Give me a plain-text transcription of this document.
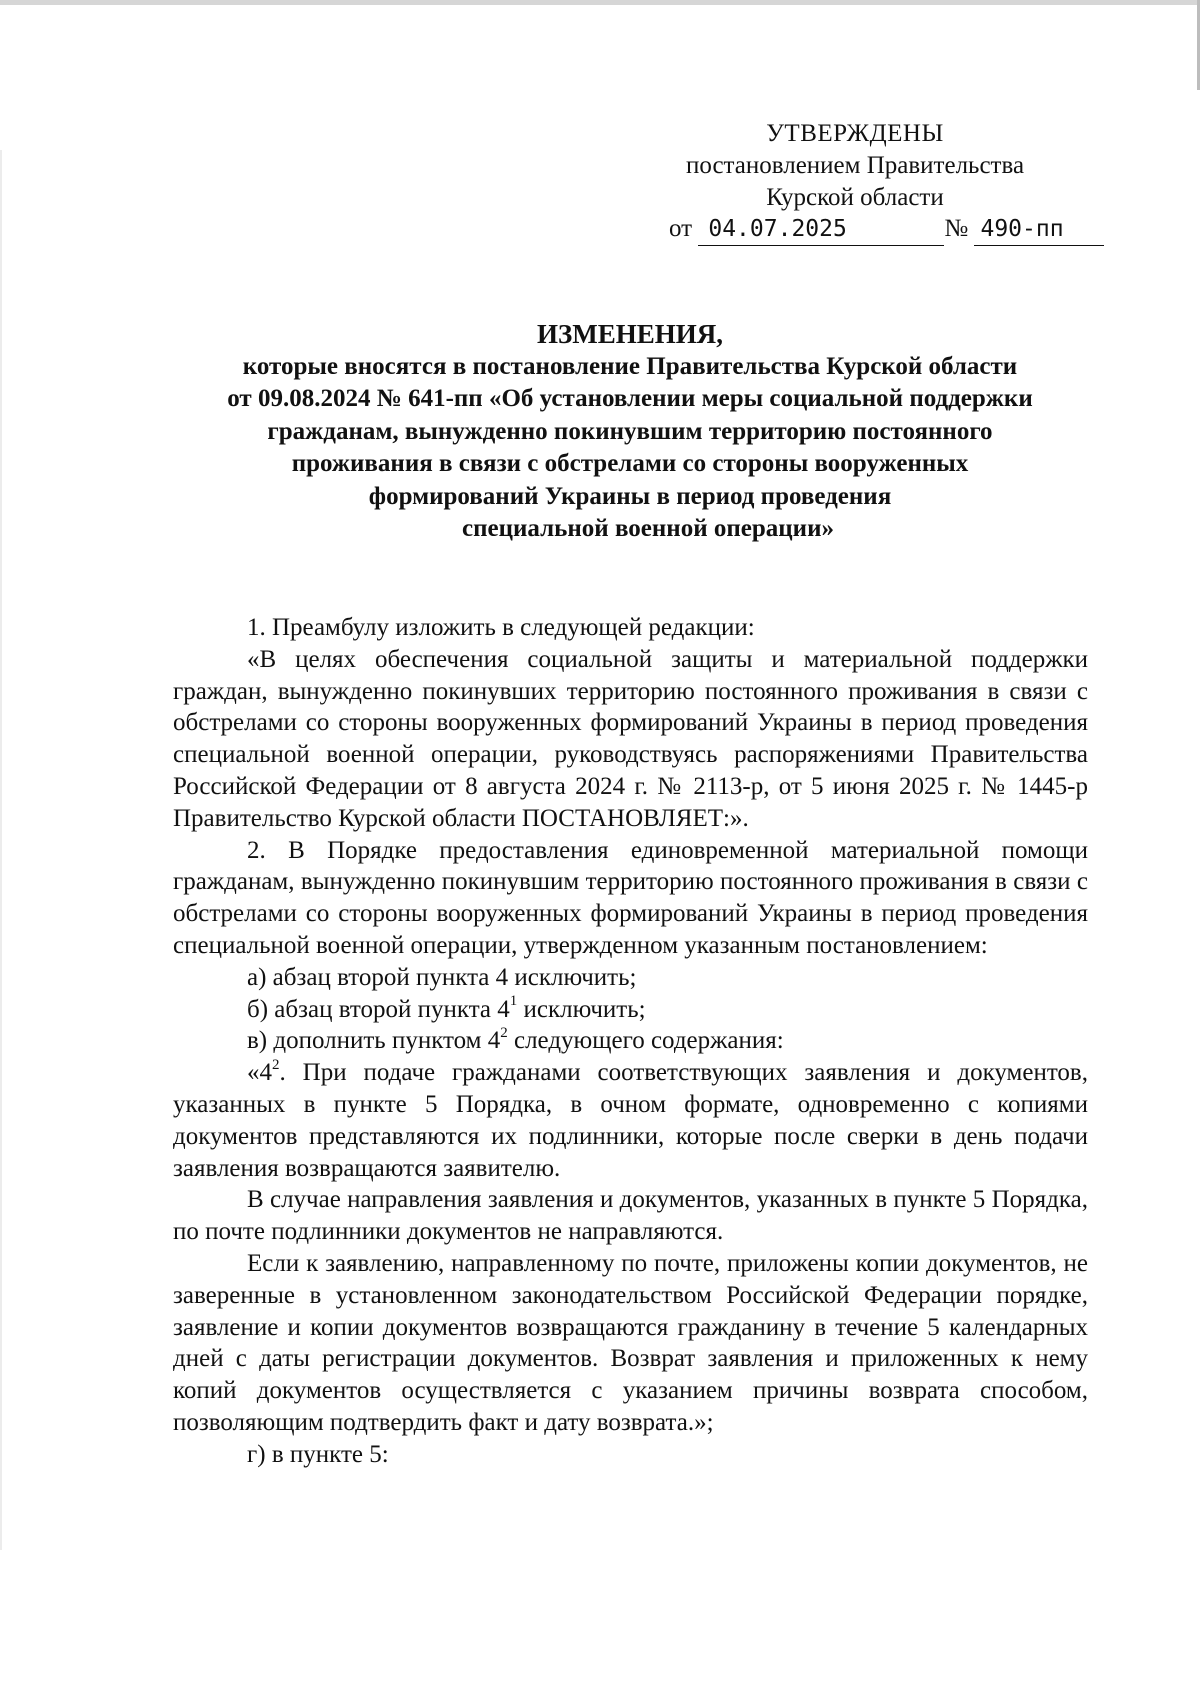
УТВЕРЖДЕНЫ
постановлением Правительства
Курской области
от 04.07.2025	№ 490-пп
ИЗМЕНЕНИЯ,
которые вносятся в постановление Правительства Курской области
от 09.08.2024 № 641-пп «Об установлении меры социальной поддержки
гражданам, вынужденно покинувшим территорию постоянного
проживания в связи с обстрелами со стороны вооруженных
формирований Украины в период проведения
специальной военной операции»

1. Преамбулу изложить в следующей редакции:

«В целях обеспечения социальной защиты и материальной поддержки граждан, вынужденно покинувших территорию постоянного проживания в связи с обстрелами со стороны вооруженных формирований Украины в период проведения специальной военной операции, руководствуясь распоряжениями Правительства Российской Федерации от 8 августа 2024 г. № 2113-р, от 5 июня 2025 г. № 1445-р Правительство Курской области ПОСТАНОВЛЯЕТ:».

2. В Порядке предоставления единовременной материальной помощи гражданам, вынужденно покинувшим территорию постоянного проживания в связи с обстрелами со стороны вооруженных формирований Украины в период проведения специальной военной операции, утвержденном указанным постановлением:

а) абзац второй пункта 4 исключить;

б) абзац второй пункта $4^1$ исключить;

в) дополнить пунктом $4^2$ следующего содержания:

«$4^2$. При подаче гражданами соответствующих заявления и документов, указанных в пункте 5 Порядка, в очном формате, одновременно с копиями документов представляются их подлинники, которые после сверки в день подачи заявления возвращаются заявителю.

В случае направления заявления и документов, указанных в пункте 5 Порядка, по почте подлинники документов не направляются.

Если к заявлению, направленному по почте, приложены копии документов, не заверенные в установленном законодательством Российской Федерации порядке, заявление и копии документов возвращаются гражданину в течение 5 календарных дней с даты регистрации документов. Возврат заявления и приложенных к нему копий документов осуществляется с указанием причины возврата способом, позволяющим подтвердить факт и дату возврата.»;

г) в пункте 5:
